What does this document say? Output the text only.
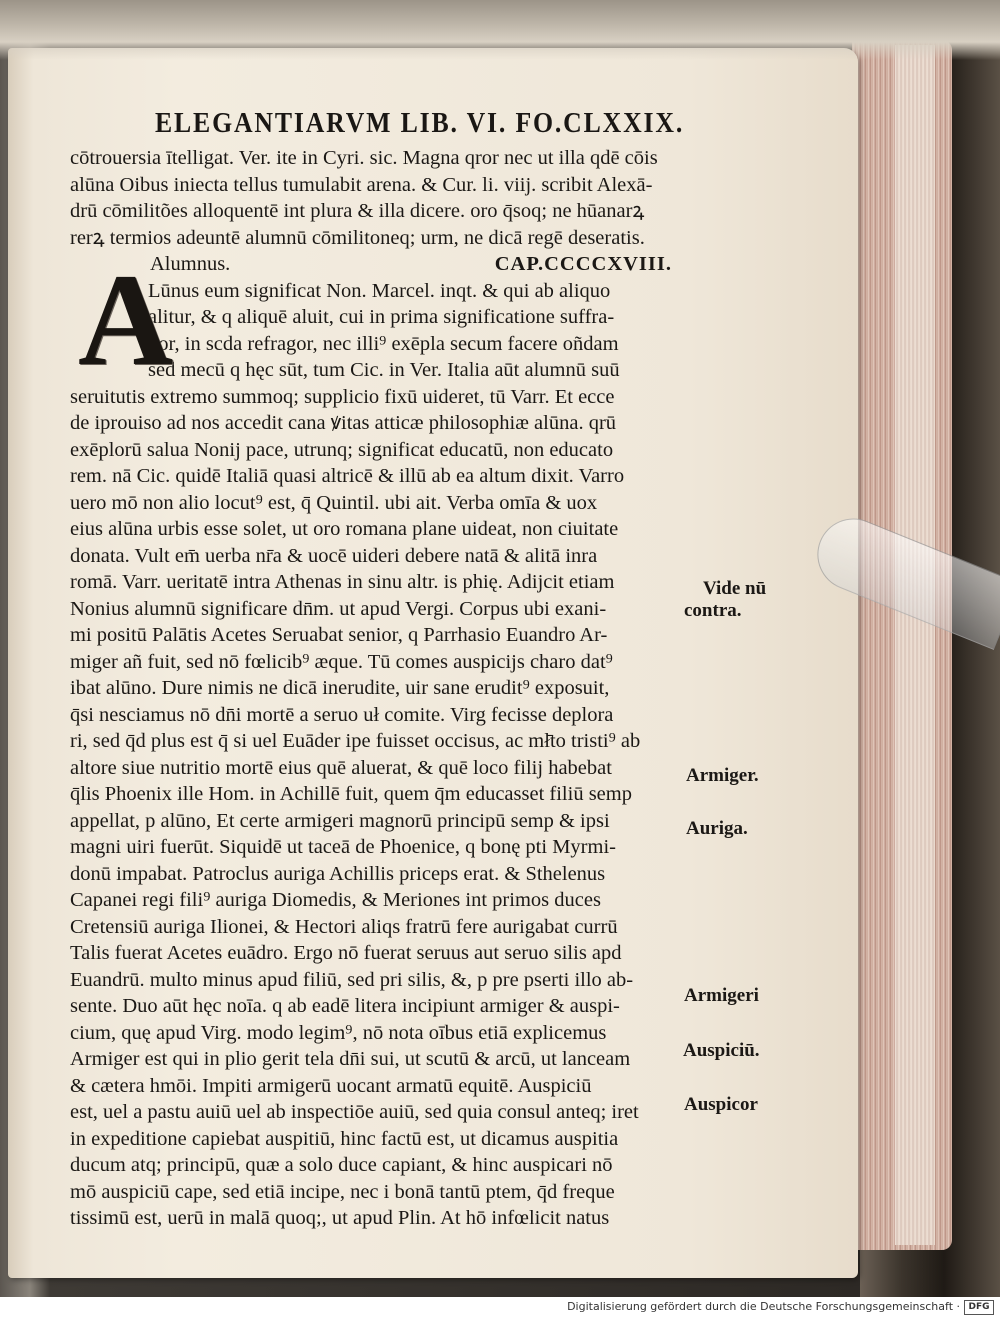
ELEGANTIARVM LIB. VI. FO.CLXXIX.
cōtrouersia ītelligat. Ver. ite in Cyri. sic. Magna qror nec ut illa qdē cōis
alūna Oibus iniecta tellus tumulabit arena. & Cur. li. viij. scribit Alexā-
drū cōmilitões alloquentē int plura & illa dicere. oro q̄soq; ne hūanarꝝ
rerꝝ termios adeuntē alumnū cōmilitoneq; urm, ne dicā regē deseratis.
Alumnus.	CAP.CCCCXVIII.
Lūnus eum significat Non. Marcel. inqt. & qui ab aliquo
alitur, & q aliquē aluit, cui in prima significatione suffra-
gor, in scda refragor, nec illi⁹ exēpla secum facere oñdam
sed mecū q hęc sūt, tum Cic. in Ver. Italia aūt alumnū suū
seruitutis extremo summoq; supplicio fixū uideret, tū Varr. Et ecce
de iprouiso ad nos accedit cana ꝟitas atticæ philosophiæ alūna. qrū
exēplorū salua Nonij pace, utrunq; significat educatū, non educato
rem. nā Cic. quidē Italiā quasi altricē & illū ab ea altum dixit. Varro
uero mō non alio locut⁹ est, q̄ Quintil. ubi ait. Verba omīa & uox
eius alūna urbis esse solet, ut oro romana plane uideat, non ciuitate
donata. Vult em̄ uerba nr̄a & uocē uideri debere natā & alitā inra
romā. Varr. ueritatē intra Athenas in sinu altr. is phię. Adijcit etiam
Nonius alumnū significare dn̄m. ut apud Vergi. Corpus ubi exani-
mi positū Palātis Acetes Seruabat senior, q Parrhasio Euandro Ar-
miger añ fuit, sed nō fœlicib⁹ æque. Tū comes auspicijs charo dat⁹
ibat alūno. Dure nimis ne dicā inerudite, uir sane erudit⁹ exposuit,
q̄si nesciamus nō dn̄i mortē a seruo uł comite. Virg fecisse deplora
ri, sed q̄d plus est q̄ si uel Euāder ipe fuisset occisus, ac mł̄to tristi⁹ ab
altore siue nutritio mortē eius quē aluerat, & quē loco filij habebat
q̄lis Phoenix ille Hom. in Achillē fuit, quem q̄m educasset filiū semp
appellat, p alūno, Et certe armigeri magnorū principū semp & ipsi
magni uiri fuerūt. Siquidē ut taceā de Phoenice, q bonę pti Myrmi-
donū impabat. Patroclus auriga Achillis priceps erat. & Sthelenus
Capanei regi fili⁹ auriga Diomedis, & Meriones int primos duces
Cretensiū auriga Ilionei, & Hectori aliqs fratrū fere aurigabat currū
Talis fuerat Acetes euādro. Ergo nō fuerat seruus aut seruo silis apd
Euandrū. multo minus apud filiū, sed pri silis, &, p pre pserti illo ab-
sente. Duo aūt hęc noīa. q ab eadē litera incipiunt armiger & auspi-
cium, quę apud Virg. modo legim⁹, nō nota oībus etiā explicemus
Armiger est qui in plio gerit tela dn̄i sui, ut scutū & arcū, ut lanceam
& cætera hmōi. Impiti armigerū uocant armatū equitē. Auspiciū
est, uel a pastu auiū uel ab inspectiōe auiū, sed quia consul anteq; iret
in expeditione capiebat auspitiū, hinc factū est, ut dicamus auspitia
ducum atq; principū, quæ a solo duce capiant, & hinc auspicari nō
mō auspiciū cape, sed etiā incipe, nec i bonā tantū ptem, q̄d freque
tissimū est, uerū in malā quoq;, ut apud Plin. At hō infœlicit natus
A
Vide nū
contra.
Armiger.
Auriga.
Armigeri
Auspiciū.
Auspicor
Digitalisierung gefördert durch die Deutsche Forschungsgemeinschaft · DFG
